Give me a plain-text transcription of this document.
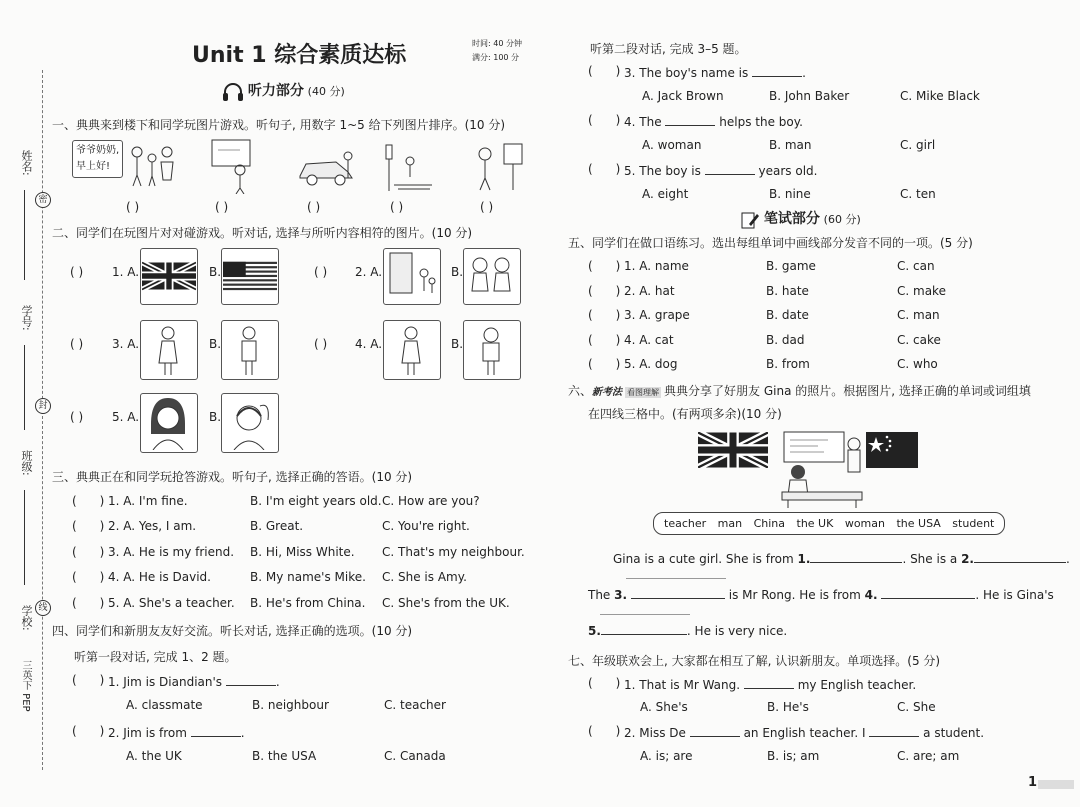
姓名:
学号:
班级:
学校:
三英下 PEP
密
封
线
Unit 1 综合素质达标	时间: 40 分钟
满分: 100 分
听力部分 (40 分)
一、典典来到楼下和同学玩图片游戏。听句子, 用数字 1~5 给下列图片排序。(10 分)
爷爷奶奶,
早上好!
( )	( )	( )	( )	( )
二、同学们在玩图片对对碰游戏。听对话, 选择与所听内容相符的图片。(10 分)
( ) 1. A.	B.	( ) 2. A.	B.
( ) 3. A.	B.	( ) 4. A.	B.
( ) 5. A.	B.
三、典典正在和同学玩抢答游戏。听句子, 选择正确的答语。(10 分)
(      ) 1. A. I'm fine.	B. I'm eight years old. C. How are you?
(      ) 2. A. Yes, I am.	B. Great.	C. You're right.
(      ) 3. A. He is my friend. B. Hi, Miss White. C. That's my neighbour.
(      ) 4. A. He is David.	B. My name's Mike. C. She is Amy.
(      ) 5. A. She's a teacher. B. He's from China. C. She's from the UK.
四、同学们和新朋友友好交流。听长对话, 选择正确的选项。(10 分)
听第一段对话, 完成 1、2 题。
(      ) 1. Jim is Diandian's	.
A. classmate	B. neighbour	C. teacher
(      ) 2. Jim is from	.
A. the UK	B. the USA	C. Canada
听第二段对话, 完成 3–5 题。
(      ) 3. The boy's name is	.
A. Jack Brown	B. John Baker	C. Mike Black
(      ) 4. The	helps the boy.
A. woman	B. man	C. girl
(      ) 5. The boy is	years old.
A. eight	B. nine	C. ten
笔试部分 (60 分)
五、同学们在做口语练习。选出每组单词中画线部分发音不同的一项。(5 分)
(      ) 1. A. name	B. game	C. can
(      ) 2. A. hat	B. hate	C. make
(      ) 3. A. grape	B. date	C. man
(      ) 4. A. cat	B. dad	C. cake
(      ) 5. A. dog	B. from	C. who
六、新考法 看图理解 典典分享了好朋友 Gina 的照片。根据图片, 选择正确的单词或词组填
在四线三格中。(有两项多余)(10 分)
teacher man China the UK woman the USA student
Gina is a cute girl. She is from 1.	. She is a 2.	.
The 3.	is Mr Rong. He is from 4.	. He is Gina's
5.	. He is very nice.
七、年级联欢会上, 大家都在相互了解, 认识新朋友。单项选择。(5 分)
(      ) 1. That is Mr Wang.	my English teacher.
A. She's	B. He's	C. She
(      ) 2. Miss De	an English teacher. I	a student.
A. is; are	B. is; am	C. are; am
1
